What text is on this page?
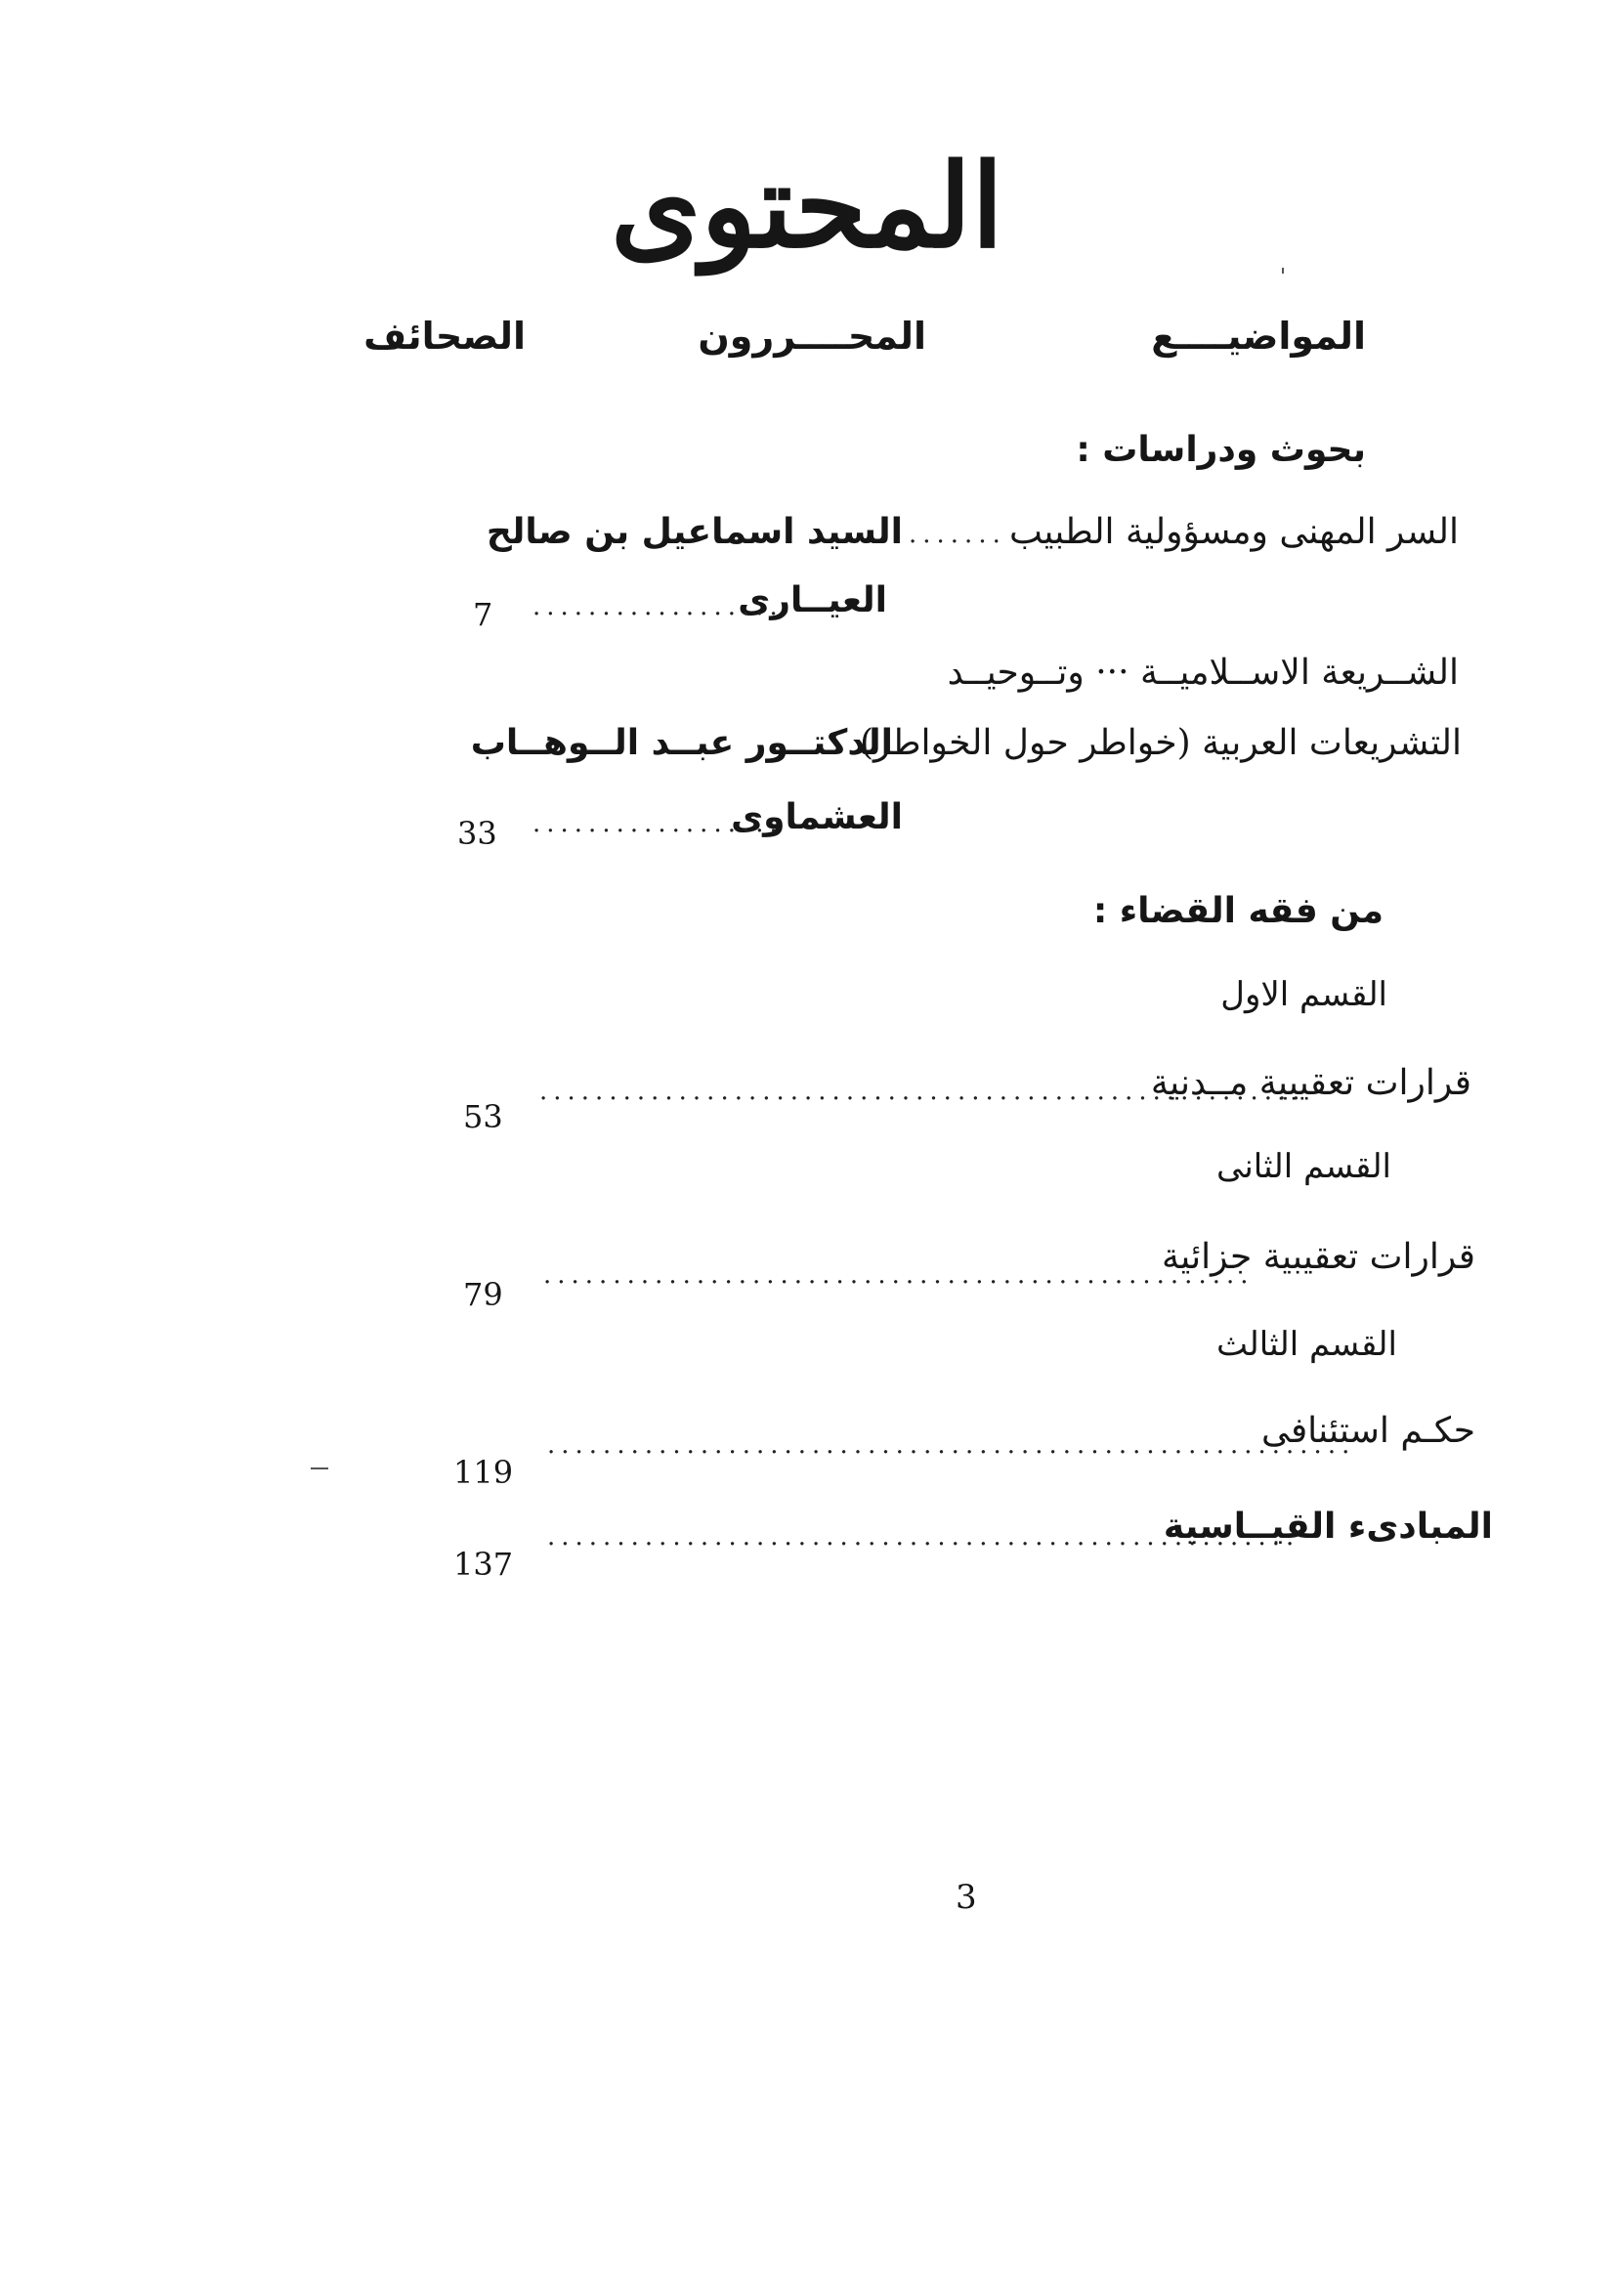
المحتوى
المواضيــــع
المحــــررون
الصحائف
بحوث ودراسات :
السر المهنى ومسؤولية الطبيب
·······
السيد اسماعيل بن صالح
العيــارى
··················
7
الشــريعة الاســلاميــة ··· وتــوحيــد
التشريعات العربية (خواطر حول الخواطر)
الدكتــور عبــد الــوهــاب
العشماوى
··················
33
من فقه القضاء :
القسم الاول
قرارات تعقيبية مــدنية
·······················································
53
القسم الثانى
قرارات تعقيبية جزائية
···················································
79
القسم الثالث
حكـم استئنافى
··························································
119
المبادىء القيــاسية
······················································
137
3
